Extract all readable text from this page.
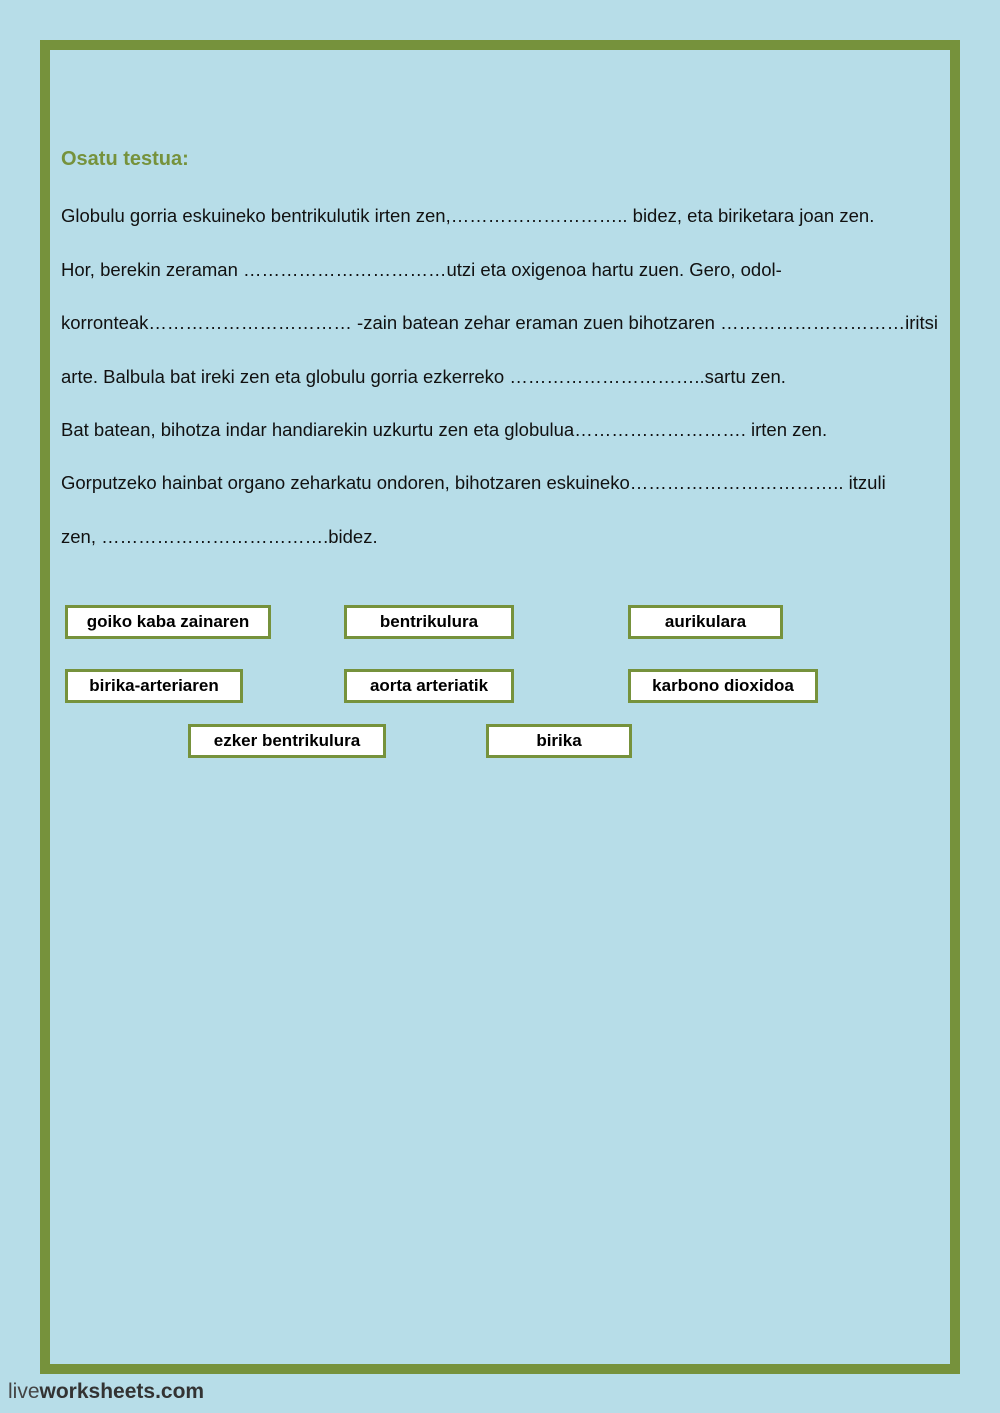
Osatu testua:
Globulu gorria eskuineko bentrikulutik irten zen,……………………….. bidez, eta biriketara joan zen.
Hor, berekin zeraman ……………………………utzi eta oxigenoa hartu zuen. Gero, odol-
korronteak…………………………… -zain batean zehar eraman zuen bihotzaren …………………………iritsi
arte. Balbula bat ireki zen eta globulu gorria ezkerreko …………………………..sartu zen.
Bat batean, bihotza indar handiarekin uzkurtu zen eta globulua………………………. irten zen.
Gorputzeko hainbat organo zeharkatu ondoren, bihotzaren eskuineko…………………………….. itzuli
zen, ……………………………….bidez.
goiko kaba zainaren	bentrikulura	aurikulara
birika-arteriaren	aorta arteriatik	karbono dioxidoa
ezker bentrikulura	birika
liveworksheets.com
